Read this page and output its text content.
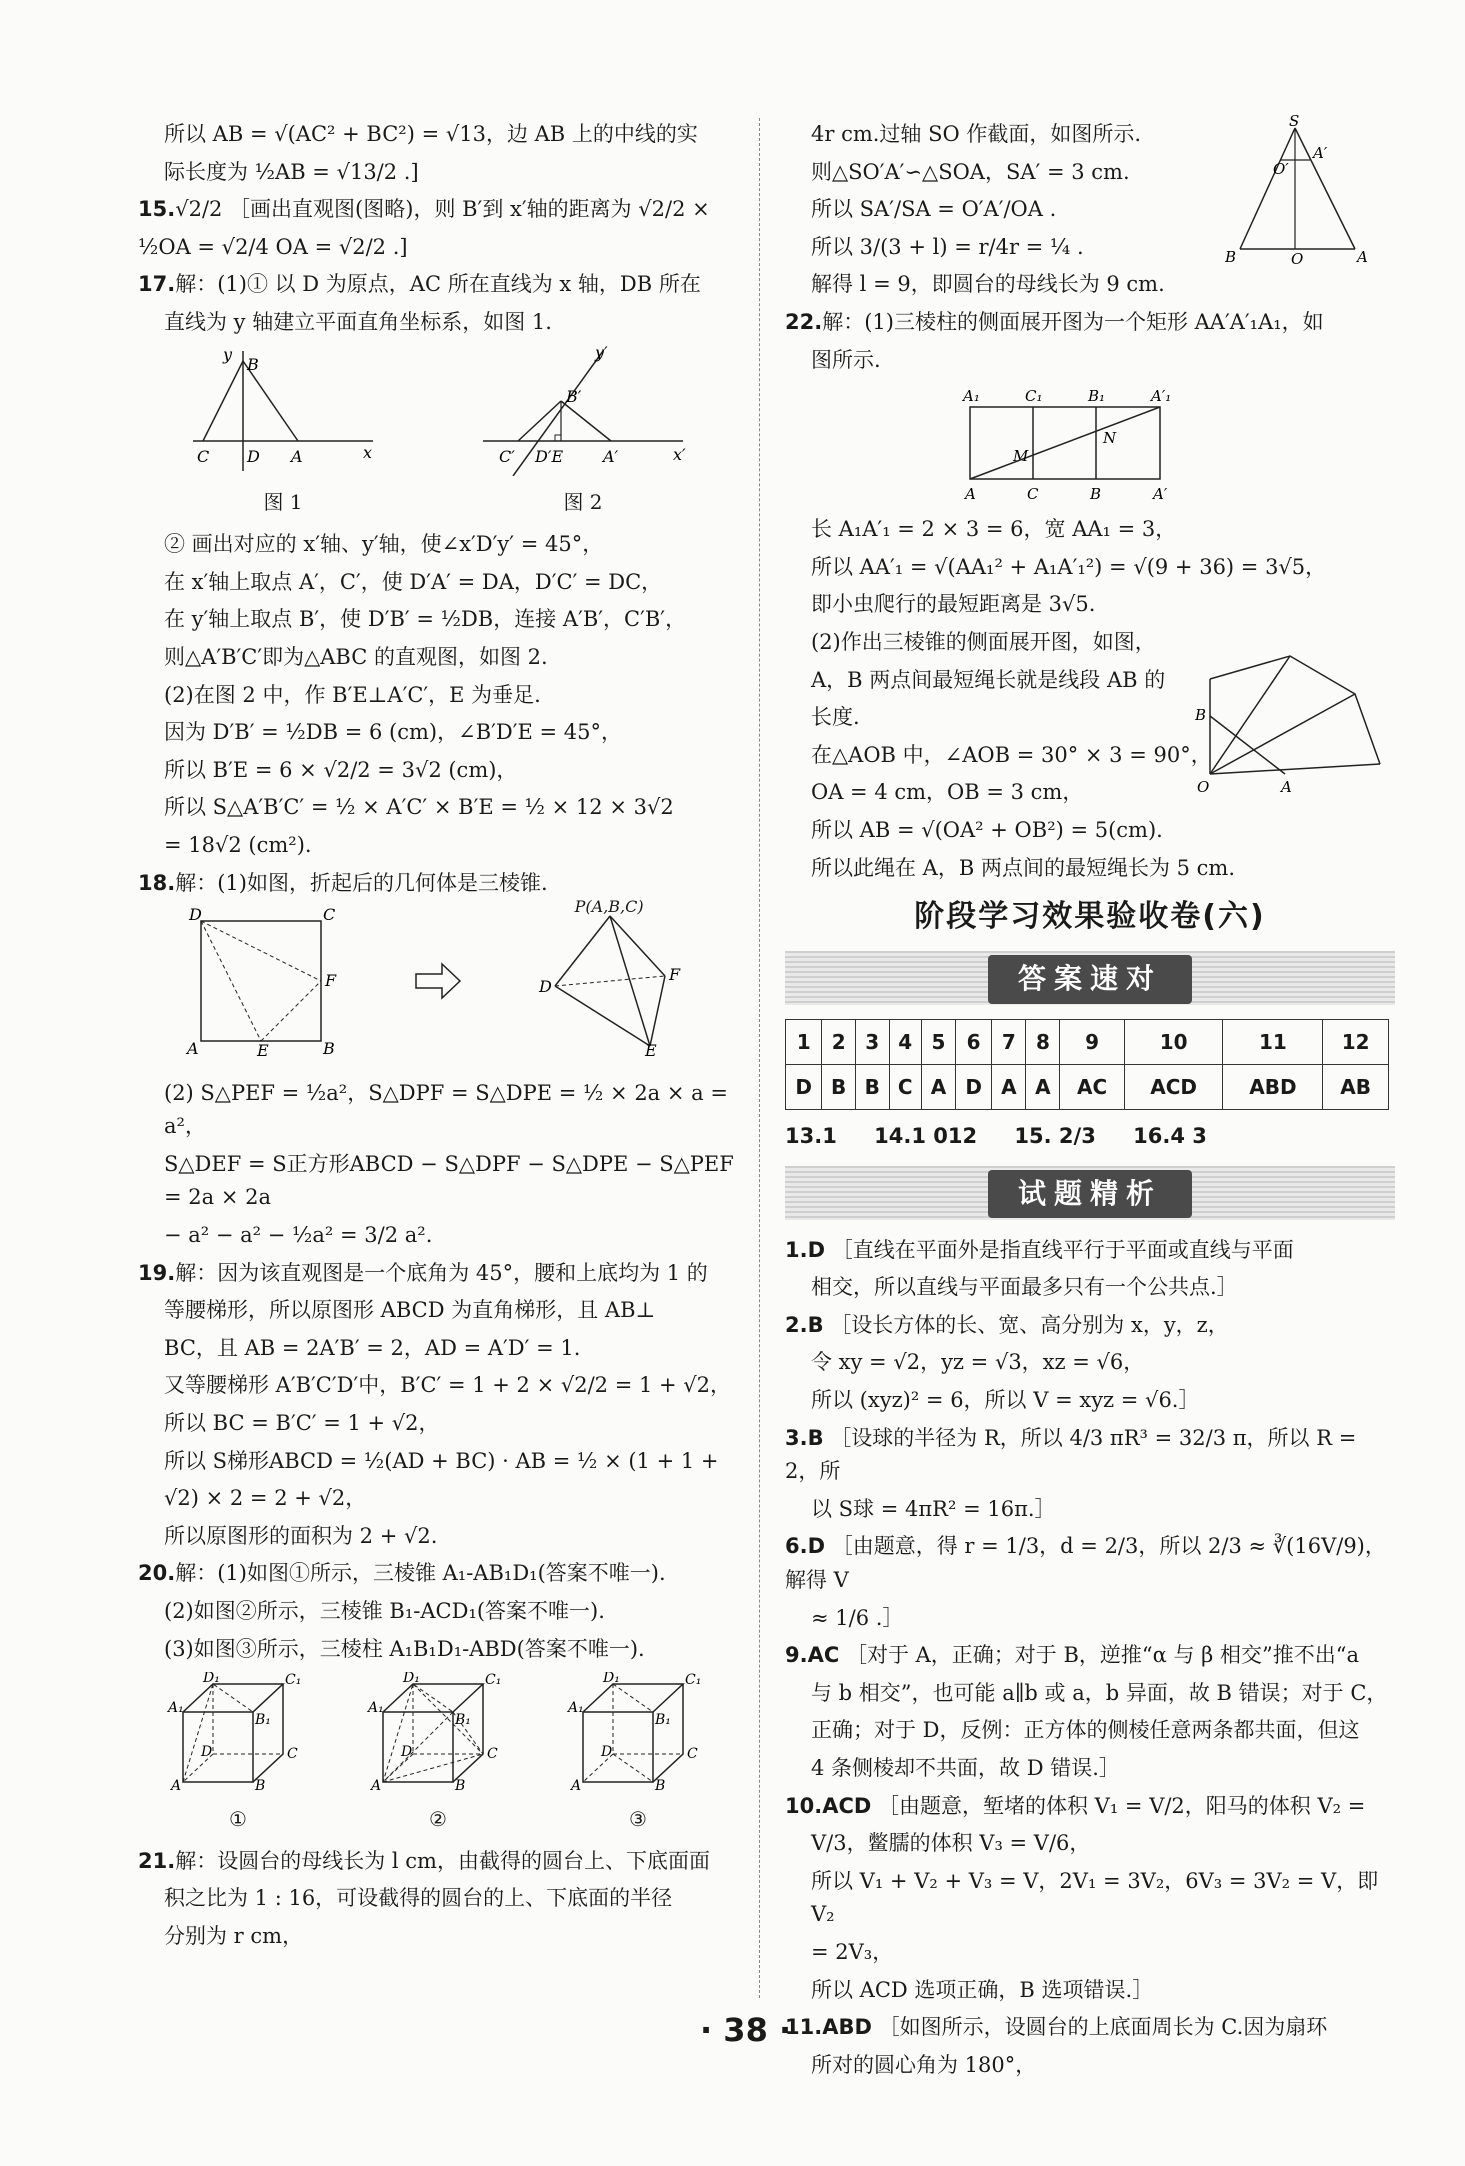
所以 AB = √(AC² + BC²) = √13，边 AB 上的中线的实

际长度为 ½AB = √13/2 .]

15.√2/2 ［画出直观图(图略)，则 B′到 x′轴的距离为 √2/2 ×

½OA = √2/4 OA = √2/2 .]

17.解：(1)① 以 D 为原点，AC 所在直线为 x 轴，DB 所在

直线为 y 轴建立平面直角坐标系，如图 1.

y
B
C D A	x
图 1
y′
B′
C′ D′E A′	x′
图 2

② 画出对应的 x′轴、y′轴，使∠x′D′y′ = 45°，

在 x′轴上取点 A′，C′，使 D′A′ = DA，D′C′ = DC，

在 y′轴上取点 B′，使 D′B′ = ½DB，连接 A′B′，C′B′，

则△A′B′C′即为△ABC 的直观图，如图 2.

(2)在图 2 中，作 B′E⊥A′C′，E 为垂足.

因为 D′B′ = ½DB = 6 (cm)，∠B′D′E = 45°，

所以 B′E = 6 × √2/2 = 3√2 (cm)，

所以 S△A′B′C′ = ½ × A′C′ × B′E = ½ × 12 × 3√2

= 18√2 (cm²).

18.解：(1)如图，折起后的几何体是三棱锥.

D	C
F
A	B
E
P(A,B,C)
D
F
E

(2) S△PEF = ½a²，S△DPF = S△DPE = ½ × 2a × a = a²，

S△DEF = S正方形ABCD − S△DPF − S△DPE − S△PEF = 2a × 2a

− a² − a² − ½a² = 3/2 a².

19.解：因为该直观图是一个底角为 45°，腰和上底均为 1 的

等腰梯形，所以原图形 ABCD 为直角梯形，且 AB⊥

BC，且 AB = 2A′B′ = 2，AD = A′D′ = 1.

又等腰梯形 A′B′C′D′中，B′C′ = 1 + 2 × √2/2 = 1 + √2，

所以 BC = B′C′ = 1 + √2，

所以 S梯形ABCD = ½(AD + BC) · AB = ½ × (1 + 1 +

√2) × 2 = 2 + √2，

所以原图形的面积为 2 + √2.

20.解：(1)如图①所示，三棱锥 A₁-AB₁D₁(答案不唯一).

(2)如图②所示，三棱锥 B₁-ACD₁(答案不唯一).

(3)如图③所示，三棱柱 A₁B₁D₁-ABD(答案不唯一).

A₁
D₁	C₁
B₁
D	C
A	B
①
A₁
D₁	C₁
B₁
D	C
A	B
②
A₁
D₁	C₁
B₁
D	C
A	B
③

21.解：设圆台的母线长为 l cm，由截得的圆台上、下底面面

积之比为 1 : 16，可设截得的圆台的上、下底面的半径

分别为 r cm，

S
A′
O′
B	O	A

4r cm.过轴 SO 作截面，如图所示.

则△SO′A′∽△SOA，SA′ = 3 cm.

所以 SA′/SA = O′A′/OA .

所以 3/(3 + l) = r/4r = ¼ .

解得 l = 9，即圆台的母线长为 9 cm.

22.解：(1)三棱柱的侧面展开图为一个矩形 AA′A′₁A₁，如

图所示.

A₁	C₁	B₁	A′₁
M
N
A	C	B	A′

长 A₁A′₁ = 2 × 3 = 6，宽 AA₁ = 3，

所以 AA′₁ = √(AA₁² + A₁A′₁²) = √(9 + 36) = 3√5，

即小虫爬行的最短距离是 3√5.

B
O	A

(2)作出三棱锥的侧面展开图，如图，

A，B 两点间最短绳长就是线段 AB 的

长度.

在△AOB 中，∠AOB = 30° × 3 = 90°，

OA = 4 cm，OB = 3 cm，

所以 AB = √(OA² + OB²) = 5(cm).

所以此绳在 A，B 两点间的最短绳长为 5 cm.

阶段学习效果验收卷(六)
答案速对
1	2	3	4	5	6	7	8	9	10	11	12
D	B	B	C	A	D	A	A	AC	ACD	ABD	AB
13.1 14.1 012 15. 2/3 16.4 3
试题精析

1.D ［直线在平面外是指直线平行于平面或直线与平面

相交，所以直线与平面最多只有一个公共点.］

2.B ［设长方体的长、宽、高分别为 x，y，z，

令 xy = √2，yz = √3，xz = √6，

所以 (xyz)² = 6，所以 V = xyz = √6.］

3.B ［设球的半径为 R，所以 4/3 πR³ = 32/3 π，所以 R = 2，所

以 S球 = 4πR² = 16π.］

6.D ［由题意，得 r = 1/3，d = 2/3，所以 2/3 ≈ ∛(16V/9)，解得 V

≈ 1/6 .］

9.AC ［对于 A，正确；对于 B，逆推“α 与 β 相交”推不出“a

与 b 相交”，也可能 a∥b 或 a，b 异面，故 B 错误；对于 C，

正确；对于 D，反例：正方体的侧棱任意两条都共面，但这

4 条侧棱却不共面，故 D 错误.］

10.ACD ［由题意，堑堵的体积 V₁ = V/2，阳马的体积 V₂ =

V/3，鳖臑的体积 V₃ = V/6，

所以 V₁ + V₂ + V₃ = V，2V₁ = 3V₂，6V₃ = 3V₂ = V，即 V₂

= 2V₃，

所以 ACD 选项正确，B 选项错误.］

11.ABD ［如图所示，设圆台的上底面周长为 C.因为扇环

所对的圆心角为 180°，

· 38 ·
